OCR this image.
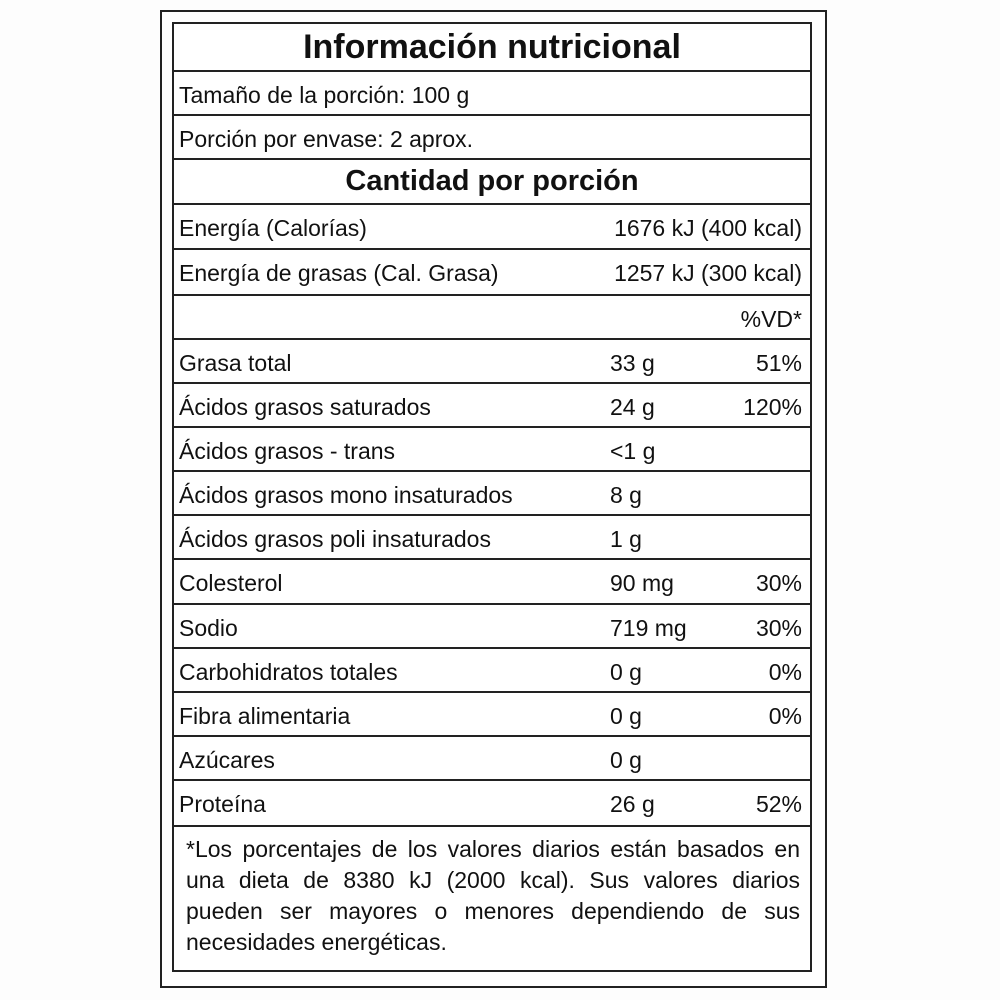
Información nutricional
Tamaño de la porción: 100 g
Porción por envase: 2 aprox.
Cantidad por porción
Energía (Calorías)	1676 kJ (400 kcal)
Energía de grasas (Cal. Grasa)	1257 kJ (300 kcal)
%VD*
Grasa total	33 g	51%
Ácidos grasos saturados	24 g	120%
Ácidos grasos - trans	<1 g
Ácidos grasos mono insaturados	8 g
Ácidos grasos poli insaturados	1 g
Colesterol	90 mg	30%
Sodio	719 mg	30%
Carbohidratos totales	0 g	0%
Fibra alimentaria	0 g	0%
Azúcares	0 g
Proteína	26 g	52%
*Los porcentajes de los valores diarios están basados en una dieta de 8380 kJ (2000 kcal). Sus valores diarios pueden ser mayores o menores dependiendo de sus necesidades energéticas.
